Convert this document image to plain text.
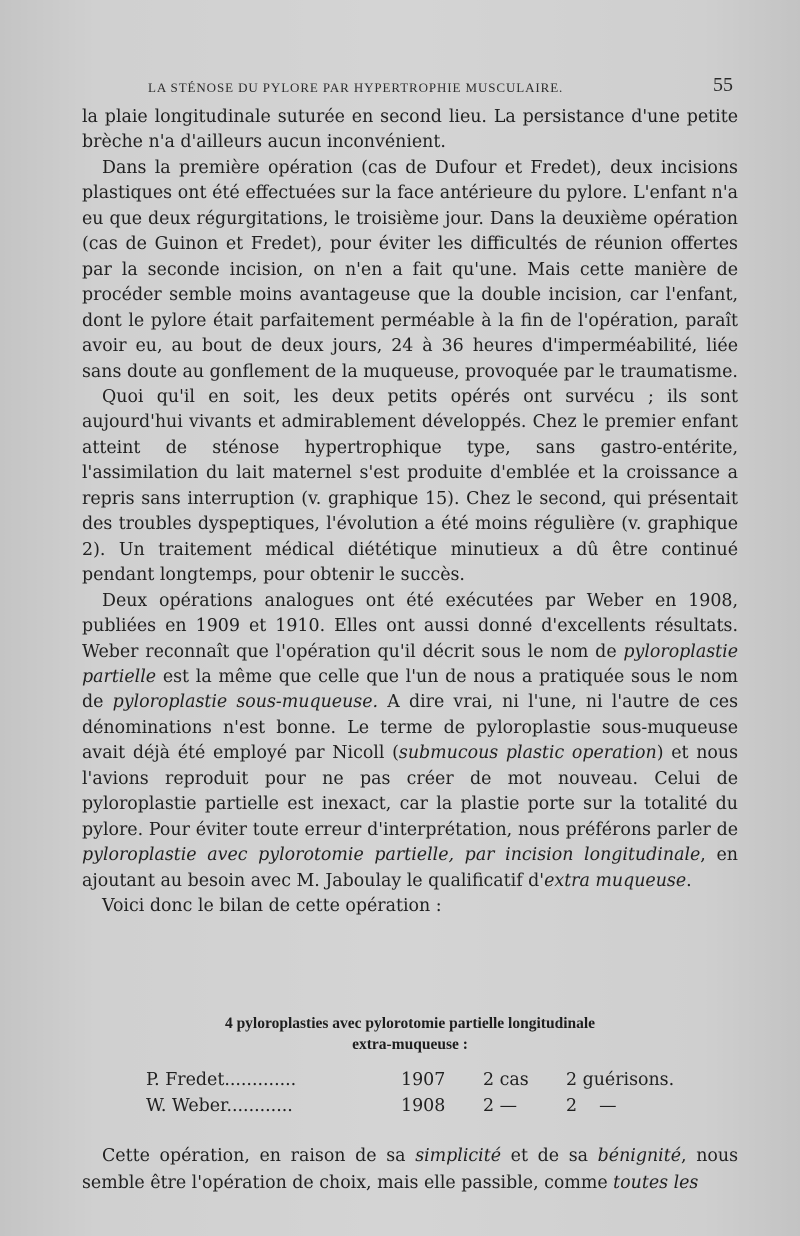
LA STÉNOSE DU PYLORE PAR HYPERTROPHIE MUSCULAIRE.	55

la plaie longitudinale suturée en second lieu. La persistance d'une petite brèche n'a d'ailleurs aucun inconvénient.

Dans la première opération (cas de Dufour et Fredet), deux incisions plastiques ont été effectuées sur la face antérieure du pylore. L'enfant n'a eu que deux régurgitations, le troisième jour. Dans la deuxième opération (cas de Guinon et Fredet), pour éviter les difficultés de réunion offertes par la seconde incision, on n'en a fait qu'une. Mais cette manière de procéder semble moins avantageuse que la double incision, car l'enfant, dont le pylore était parfaitement perméable à la fin de l'opération, paraît avoir eu, au bout de deux jours, 24 à 36 heures d'imperméabilité, liée sans doute au gonflement de la muqueuse, provoquée par le traumatisme.

Quoi qu'il en soit, les deux petits opérés ont survécu ; ils sont aujourd'hui vivants et admirablement développés. Chez le premier enfant atteint de sténose hypertrophique type, sans gastro-entérite, l'assimilation du lait maternel s'est produite d'emblée et la croissance a repris sans interruption (v. graphique 15). Chez le second, qui présentait des troubles dyspeptiques, l'évolution a été moins régulière (v. graphique 2). Un traitement médical diététique minutieux a dû être continué pendant longtemps, pour obtenir le succès.

Deux opérations analogues ont été exécutées par Weber en 1908, publiées en 1909 et 1910. Elles ont aussi donné d'excellents résultats. Weber reconnaît que l'opération qu'il décrit sous le nom de pyloroplastie partielle est la même que celle que l'un de nous a pratiquée sous le nom de pyloroplastie sous-muqueuse. A dire vrai, ni l'une, ni l'autre de ces dénominations n'est bonne. Le terme de pyloroplastie sous-muqueuse avait déjà été employé par Nicoll (submucous plastic operation) et nous l'avions reproduit pour ne pas créer de mot nouveau. Celui de pyloroplastie partielle est inexact, car la plastie porte sur la totalité du pylore. Pour éviter toute erreur d'interprétation, nous préférons parler de pyloroplastie avec pylorotomie partielle, par incision longitudinale, en ajoutant au besoin avec M. Jaboulay le qualificatif d'extra muqueuse.

Voici donc le bilan de cette opération :

4 pyloroplasties avec pylorotomie partielle longitudinale
extra-muqueuse :
P. Fredet.............	1907	2 cas	2 guérisons.
W. Weber............	1908	2 —	2    —

Cette opération, en raison de sa simplicité et de sa bénignité, nous semble être l'opération de choix, mais elle passible, comme toutes les
